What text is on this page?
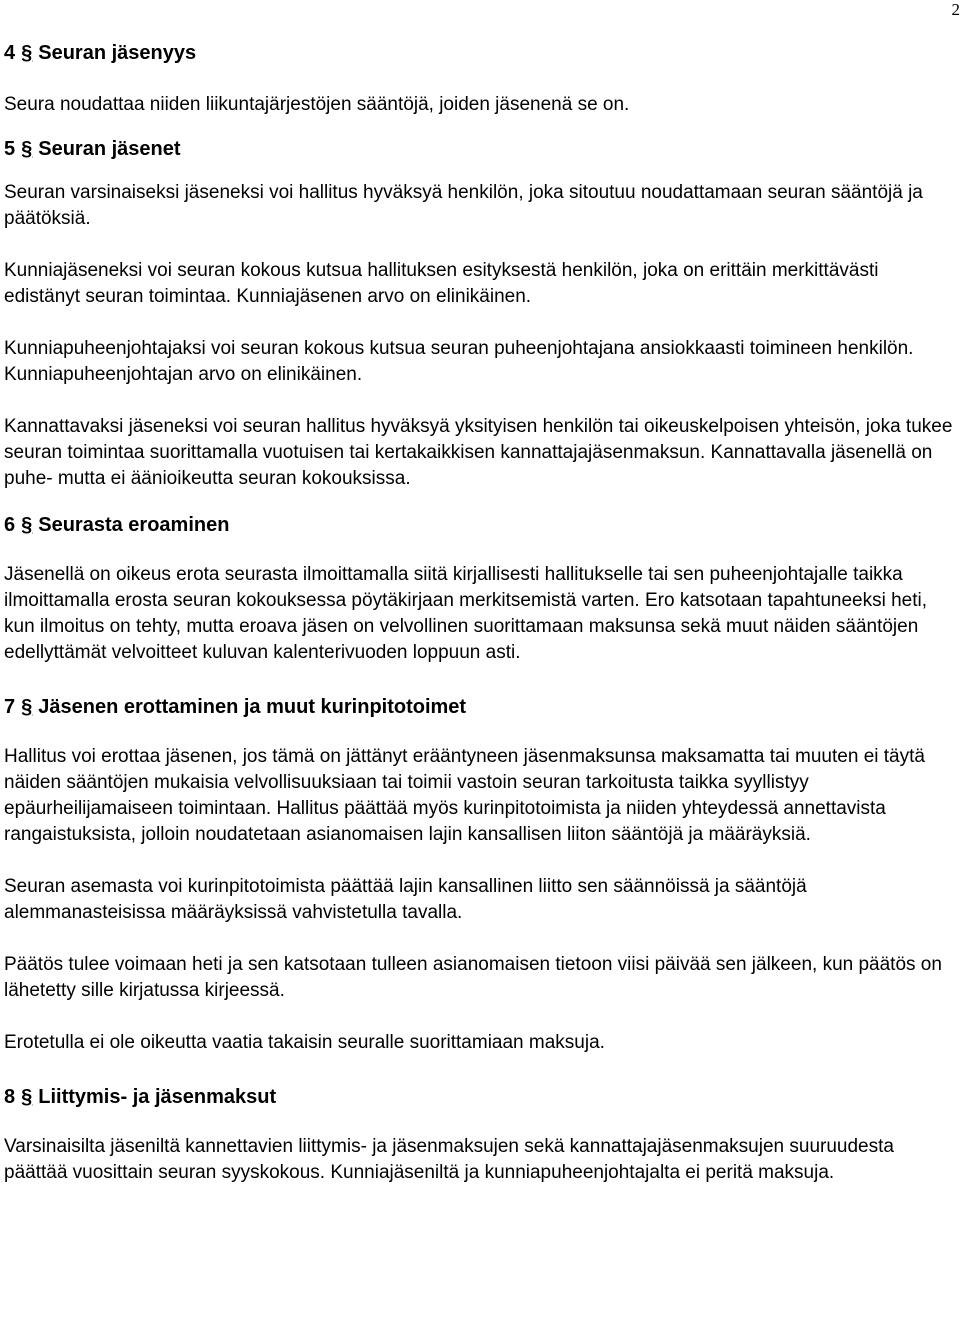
2
4 § Seuran jäsenyys

Seura noudattaa niiden liikuntajärjestöjen sääntöjä, joiden jäsenenä se on.

5 § Seuran jäsenet

Seuran varsinaiseksi jäseneksi voi hallitus hyväksyä henkilön, joka sitoutuu noudattamaan seuran sääntöjä ja päätöksiä.

Kunniajäseneksi voi seuran kokous kutsua hallituksen esityksestä henkilön, joka on erittäin merkittävästi edistänyt seuran toimintaa. Kunniajäsenen arvo on elinikäinen.

Kunniapuheenjohtajaksi voi seuran kokous kutsua seuran puheenjohtajana ansiokkaasti toimineen henkilön. Kunniapuheenjohtajan arvo on elinikäinen.

Kannattavaksi jäseneksi voi seuran hallitus hyväksyä yksityisen henkilön tai oikeuskelpoisen yhteisön, joka tukee seuran toimintaa suorittamalla vuotuisen tai kertakaikkisen kannattajajäsenmaksun. Kannattavalla jäsenellä on puhe- mutta ei äänioikeutta seuran kokouksissa.

6 § Seurasta eroaminen

Jäsenellä on oikeus erota seurasta ilmoittamalla siitä kirjallisesti hallitukselle tai sen puheenjohtajalle taikka ilmoittamalla erosta seuran kokouksessa pöytäkirjaan merkitsemistä varten. Ero katsotaan tapahtuneeksi heti, kun ilmoitus on tehty, mutta eroava jäsen on velvollinen suorittamaan maksunsa sekä muut näiden sääntöjen edellyttämät velvoitteet kuluvan kalenterivuoden loppuun asti.

7 § Jäsenen erottaminen ja muut kurinpitotoimet

Hallitus voi erottaa jäsenen, jos tämä on jättänyt erääntyneen jäsenmaksunsa maksamatta tai muuten ei täytä näiden sääntöjen mukaisia velvollisuuksiaan tai toimii vastoin seuran tarkoitusta taikka syyllistyy epäurheilijamaiseen toimintaan. Hallitus päättää myös kurinpitotoimista ja niiden yhteydessä annettavista rangaistuksista, jolloin noudatetaan asianomaisen lajin kansallisen liiton sääntöjä ja määräyksiä.

Seuran asemasta voi kurinpitotoimista päättää lajin kansallinen liitto sen säännöissä ja sääntöjä alemmanasteisissa määräyksissä vahvistetulla tavalla.

Päätös tulee voimaan heti ja sen katsotaan tulleen asianomaisen tietoon viisi päivää sen jälkeen, kun päätös on lähetetty sille kirjatussa kirjeessä.

Erotetulla ei ole oikeutta vaatia takaisin seuralle suorittamiaan maksuja.

8 § Liittymis- ja jäsenmaksut

Varsinaisilta jäseniltä kannettavien liittymis- ja jäsenmaksujen sekä kannattajajäsenmaksujen suuruudesta päättää vuosittain seuran syyskokous. Kunniajäseniltä ja kunniapuheenjohtajalta ei peritä maksuja.
